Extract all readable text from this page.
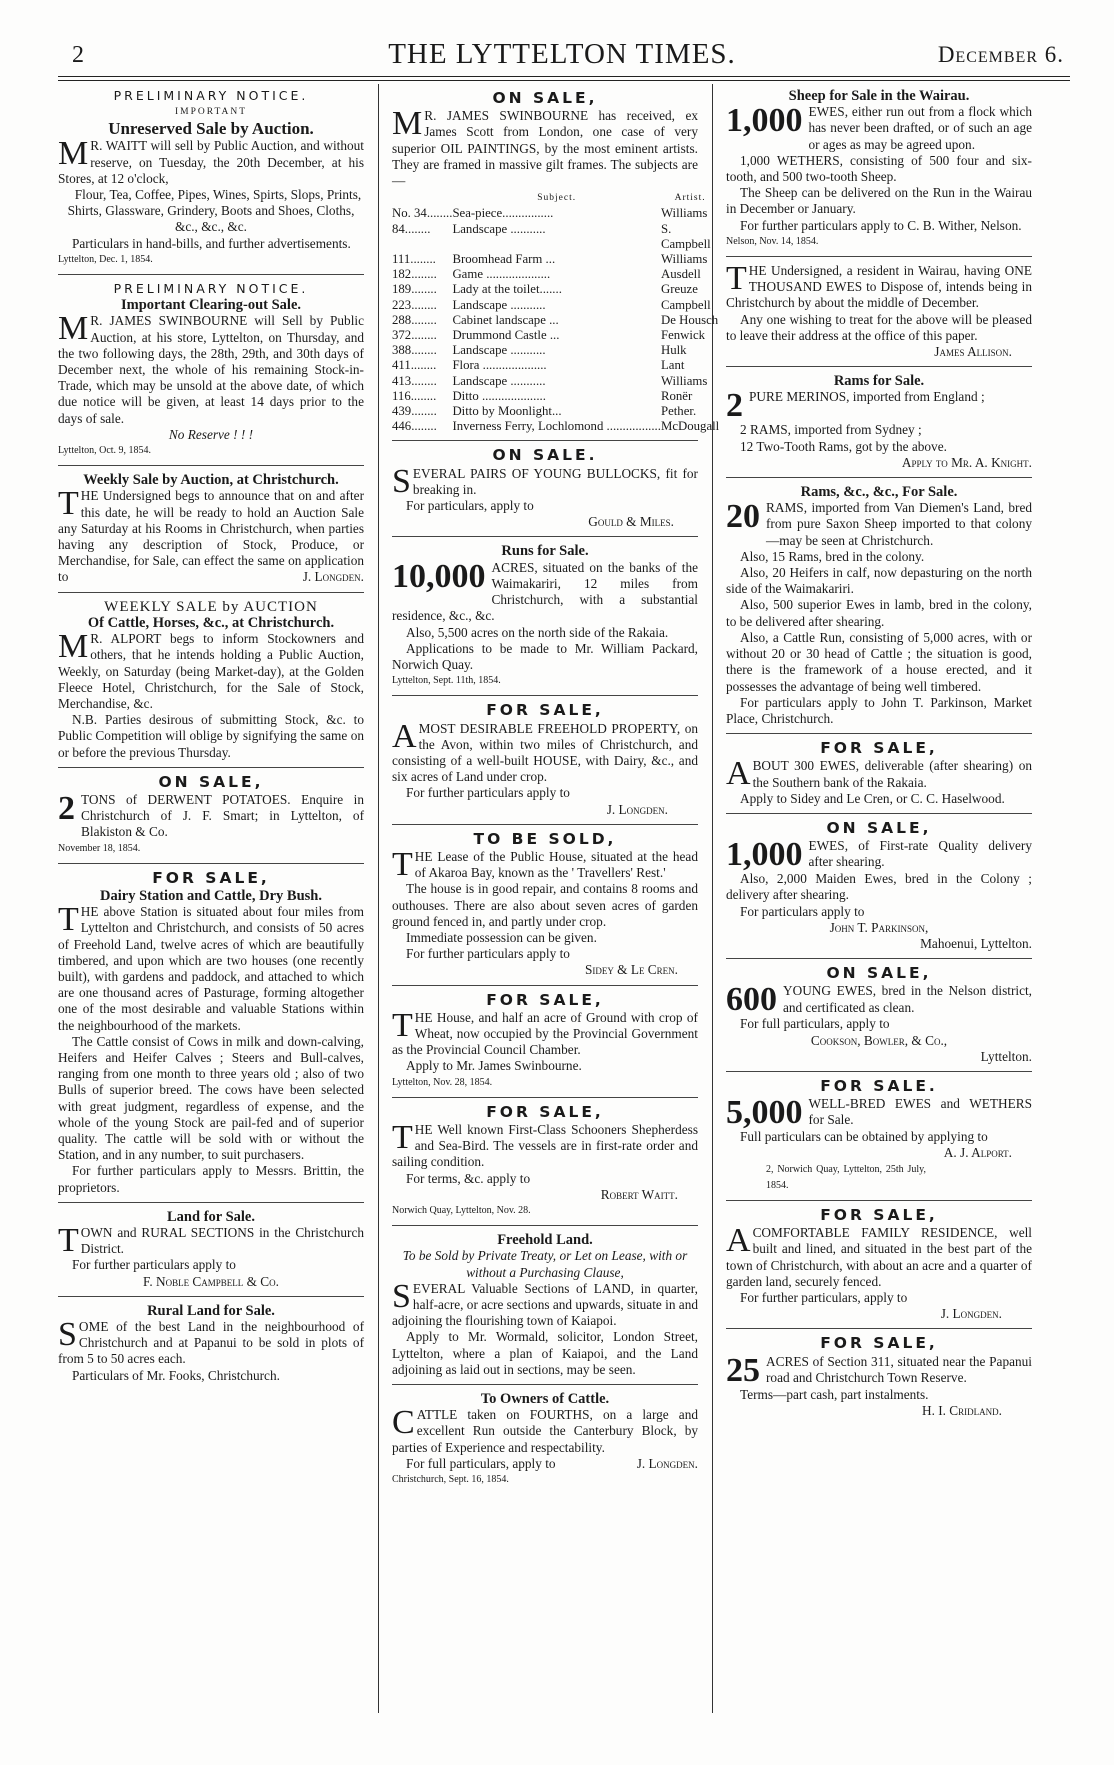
2	THE LYTTELTON TIMES.	December 6.
PRELIMINARY NOTICE.
IMPORTANT
Unreserved Sale by Auction.

M R. WAITT will sell by Public Auction, and without reserve, on Tuesday, the 20th December, at his Stores, at 12 o'clock,

Flour, Tea, Coffee, Pipes, Wines, Spirts, Slops, Prints, Shirts, Glassware, Grindery, Boots and Shoes, Cloths, &c., &c., &c.

Particulars in hand-bills, and further advertisements.

Lyttelton, Dec. 1, 1854.
PRELIMINARY NOTICE.
Important Clearing-out Sale.

M R. JAMES SWINBOURNE will Sell by Public Auction, at his store, Lyttelton, on Thursday, and the two following days, the 28th, 29th, and 30th days of December next, the whole of his remaining Stock-in-Trade, which may be unsold at the above date, of which due notice will be given, at least 14 days prior to the days of sale.

No Reserve ! ! !
Lyttelton, Oct. 9, 1854.
Weekly Sale by Auction, at Christchurch.

THE Undersigned begs to announce that on and after this date, he will be ready to hold an Auction Sale any Saturday at his Rooms in Christchurch, when parties having any description of Stock, Produce, or Merchandise, for Sale, can effect the same on application to	J. Longden.

WEEKLY SALE by AUCTION
Of Cattle, Horses, &c., at Christchurch.

M R. ALPORT begs to inform Stockowners and others, that he intends holding a Public Auction, Weekly, on Saturday (being Market-day), at the Golden Fleece Hotel, Christchurch, for the Sale of Stock, Merchandise, &c.

N.B. Parties desirous of submitting Stock, &c. to Public Competition will oblige by signifying the same on or before the previous Thursday.

ON SALE,

2 TONS of DERWENT POTATOES. Enquire in Christchurch of J. F. Smart; in Lyttelton, of Blakiston & Co.

November 18, 1854.
FOR SALE,
Dairy Station and Cattle, Dry Bush.

THE above Station is situated about four miles from Lyttelton and Christchurch, and consists of 50 acres of Freehold Land, twelve acres of which are beautifully timbered, and upon which are two houses (one recently built), with gardens and paddock, and attached to which are one thousand acres of Pasturage, forming altogether one of the most desirable and valuable Stations within the neighbourhood of the markets.

The Cattle consist of Cows in milk and down-calving, Heifers and Heifer Calves ; Steers and Bull-calves, ranging from one month to three years old ; also of two Bulls of superior breed. The cows have been selected with great judgment, regardless of expense, and the whole of the young Stock are pail-fed and of superior quality. The cattle will be sold with or without the Station, and in any number, to suit purchasers.

For further particulars apply to Messrs. Brittin, the proprietors.

Land for Sale.

TOWN and RURAL SECTIONS in the Christchurch District.

For further particulars apply to

F. Noble Campbell & Co.
Rural Land for Sale.

SOME of the best Land in the neighbourhood of Christchurch and at Papanui to be sold in plots of from 5 to 50 acres each.

Particulars of Mr. Fooks, Christchurch.

ON SALE,

M R. JAMES SWINBOURNE has received, ex James Scott from London, one case of very superior OIL PAINTINGS, by the most eminent artists. They are framed in massive gilt frames. The subjects are—

	Subject.	Artist.
No. 34........	Sea-piece................	Williams
84........	Landscape ...........	S. Campbell
111........	Broomhead Farm ...	Williams
182........	Game ....................	Ausdell
189........	Lady at the toilet.......	Greuze
223........	Landscape ...........	Campbell
288........	Cabinet landscape ...	De Housch
372........	Drummond Castle ...	Fenwick
388........	Landscape ...........	Hulk
411........	Flora ....................	Lant
413........	Landscape ...........	Williams
116........	Ditto ....................	Ronër
439........	Ditto by Moonlight...	Pether.
446........	Inverness Ferry, Lochlomond .................	McDougall
ON SALE.

SEVERAL PAIRS OF YOUNG BULLOCKS, fit for breaking in.

For particulars, apply to

Gould & Miles.
Runs for Sale.

10,000 ACRES, situated on the banks of the Waimakariri, 12 miles from Christchurch, with a substantial residence, &c., &c.

Also, 5,500 acres on the north side of the Rakaia.

Applications to be made to Mr. William Packard, Norwich Quay.

Lyttelton, Sept. 11th, 1854.
FOR SALE,

AMOST DESIRABLE FREEHOLD PROPERTY, on the Avon, within two miles of Christchurch, and consisting of a well-built HOUSE, with Dairy, &c., and six acres of Land under crop.

For further particulars apply to

J. Longden.
TO BE SOLD,

THE Lease of the Public House, situated at the head of Akaroa Bay, known as the ' Travellers' Rest.'

The house is in good repair, and contains 8 rooms and outhouses. There are also about seven acres of garden ground fenced in, and partly under crop.

Immediate possession can be given.

For further particulars apply to

Sidey & Le Cren.
FOR SALE,

THE House, and half an acre of Ground with crop of Wheat, now occupied by the Provincial Government as the Provincial Council Chamber.

Apply to Mr. James Swinbourne.

Lyttelton, Nov. 28, 1854.
FOR SALE,

THE Well known First-Class Schooners Shepherdess and Sea-Bird. The vessels are in first-rate order and sailing condition.

For terms, &c. apply to

Robert Waitt.
Norwich Quay, Lyttelton, Nov. 28.
Freehold Land.
To be Sold by Private Treaty, or Let on Lease, with or without a Purchasing Clause,

SEVERAL Valuable Sections of LAND, in quarter, half-acre, or acre sections and upwards, situate in and adjoining the flourishing town of Kaiapoi.

Apply to Mr. Wormald, solicitor, London Street, Lyttelton, where a plan of Kaiapoi, and the Land adjoining as laid out in sections, may be seen.

To Owners of Cattle.

CATTLE taken on FOURTHS, on a large and excellent Run outside the Canterbury Block, by parties of Experience and respectability.

For full particulars, apply to	J. Longden.

Christchurch, Sept. 16, 1854.
Sheep for Sale in the Wairau.

1,000 EWES, either run out from a flock which has never been drafted, or of such an age or ages as may be agreed upon.

1,000 WETHERS, consisting of 500 four and six-tooth, and 500 two-tooth Sheep.

The Sheep can be delivered on the Run in the Wairau in December or January.

For further particulars apply to C. B. Wither, Nelson.

Nelson, Nov. 14, 1854.

THE Undersigned, a resident in Wairau, having ONE THOUSAND EWES to Dispose of, intends being in Christchurch by about the middle of December.

Any one wishing to treat for the above will be pleased to leave their address at the office of this paper.

James Allison.
Rams for Sale.

2 PURE MERINOS, imported from England ;

2 RAMS, imported from Sydney ;

12 Two-Tooth Rams, got by the above.

Apply to Mr. A. Knight.
Rams, &c., &c., For Sale.

20 RAMS, imported from Van Diemen's Land, bred from pure Saxon Sheep imported to that colony—may be seen at Christchurch.

Also, 15 Rams, bred in the colony.

Also, 20 Heifers in calf, now depasturing on the north side of the Waimakariri.

Also, 500 superior Ewes in lamb, bred in the colony, to be delivered after shearing.

Also, a Cattle Run, consisting of 5,000 acres, with or without 20 or 30 head of Cattle ; the situation is good, there is the framework of a house erected, and it possesses the advantage of being well timbered.

For particulars apply to John T. Parkinson, Market Place, Christchurch.

FOR SALE,

ABOUT 300 EWES, deliverable (after shearing) on the Southern bank of the Rakaia.

Apply to Sidey and Le Cren, or C. C. Haselwood.

ON SALE,

1,000 EWES, of First-rate Quality delivery after shearing.

Also, 2,000 Maiden Ewes, bred in the Colony ; delivery after shearing.

For particulars apply to

John T. Parkinson,
Mahoenui, Lyttelton.
ON SALE,

600 YOUNG EWES, bred in the Nelson district, and certificated as clean.

For full particulars, apply to

Cookson, Bowler, & Co.,
Lyttelton.
FOR SALE.

5,000 WELL-BRED EWES and WETHERS for Sale.

Full particulars can be obtained by applying to
A. J. Alport.

2, Norwich Quay, Lyttelton, 25th July, 1854.
FOR SALE,

ACOMFORTABLE FAMILY RESIDENCE, well built and lined, and situated in the best part of the town of Christchurch, with about an acre and a quarter of garden land, securely fenced.

For further particulars, apply to

J. Longden.
FOR SALE,

25 ACRES of Section 311, situated near the Papanui road and Christchurch Town Reserve.

Terms—part cash, part instalments.

H. I. Cridland.
